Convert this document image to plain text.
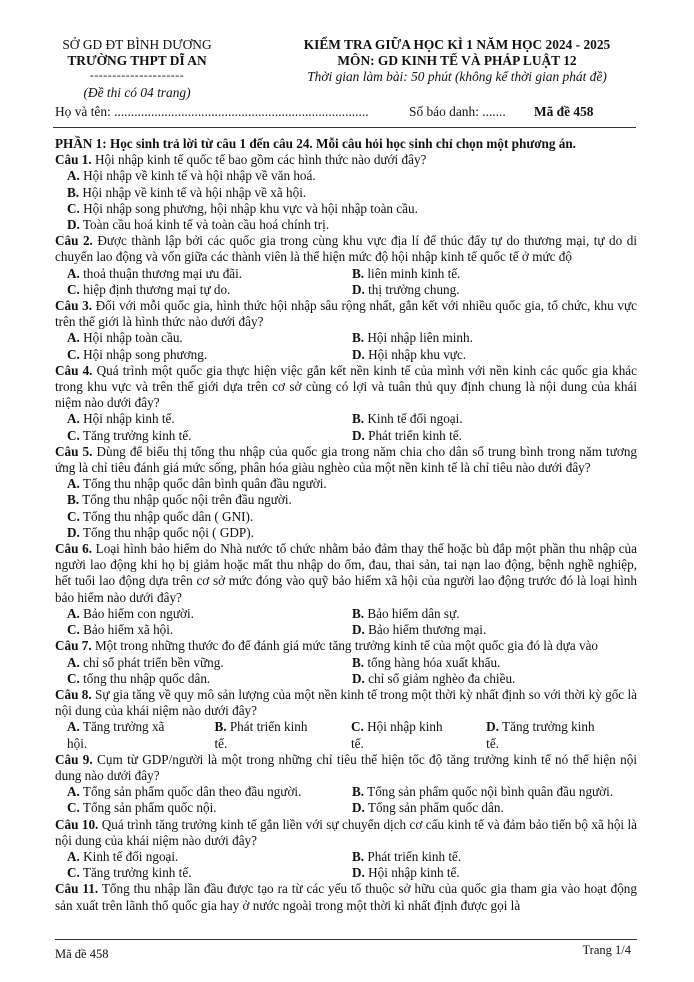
SỞ GD ĐT BÌNH DƯƠNG
TRƯỜNG THPT DĨ AN
---------------------
(Đề thi có 04 trang)
KIỂM TRA GIỮA HỌC KÌ 1 NĂM HỌC 2024 - 2025
MÔN: GD KINH TẾ VÀ PHÁP LUẬT 12
Thời gian làm bài: 50 phút (không kể thời gian phát đề)
Họ và tên: ............................................................................	Số báo danh: ....... Mã đề 458

PHẦN 1: Học sinh trả lời từ câu 1 đến câu 24. Mỗi câu hỏi học sinh chỉ chọn một phương án.

Câu 1. Hội nhập kinh tế quốc tế bao gồm các hình thức nào dưới đây?

A. Hội nhập về kinh tế và hội nhập về văn hoá.
B. Hội nhập về kinh tế và hội nhập về xã hội.
C. Hội nhập song phương, hội nhập khu vực và hội nhập toàn cầu.
D. Toàn cầu hoá kinh tế và toàn cầu hoá chính trị.

Câu 2. Được thành lập bởi các quốc gia trong cùng khu vực địa lí để thúc đẩy tự do thương mại, tự do di chuyển lao động và vốn giữa các thành viên là thể hiện mức độ hội nhập kinh tế quốc tế ở mức độ

A. thoả thuận thương mại ưu đãi.	B. liên minh kinh tế.
C. hiệp định thương mại tự do.	D. thị trường chung.

Câu 3. Đối với mỗi quốc gia, hình thức hội nhập sâu rộng nhất, gắn kết với nhiều quốc gia, tổ chức, khu vực trên thế giới là hình thức nào dưới đây?

A. Hội nhập toàn cầu.	B. Hội nhập liên minh.
C. Hội nhập song phương.	D. Hội nhập khu vực.

Câu 4. Quá trình một quốc gia thực hiện việc gắn kết nền kinh tế của mình với nền kinh các quốc gia khác trong khu vực và trên thế giới dựa trên cơ sở cùng có lợi và tuân thủ quy định chung là nội dung của khái niệm nào dưới đây?

A. Hội nhập kinh tế.	B. Kinh tế đối ngoại.
C. Tăng trưởng kinh tế.	D. Phát triển kinh tế.

Câu 5. Dùng để biểu thị tổng thu nhập của quốc gia trong năm chia cho dân số trung bình trong năm tương ứng là chỉ tiêu đánh giá mức sống, phân hóa giàu nghèo của một nền kinh tế là chỉ tiêu nào dưới đây?

A. Tổng thu nhập quốc dân bình quân đầu người.
B. Tổng thu nhập quốc nội trên đầu người.
C. Tổng thu nhập quốc dân ( GNI).
D. Tổng thu nhập quốc nội ( GDP).

Câu 6. Loại hình bảo hiểm do Nhà nước tổ chức nhằm bảo đảm thay thế hoặc bù đắp một phần thu nhập của người lao động khi họ bị giảm hoặc mất thu nhập do ốm, đau, thai sản, tai nạn lao động, bệnh nghề nghiệp, hết tuổi lao động dựa trên cơ sở mức đóng vào quỹ bảo hiểm xã hội của người lao động trước đó là loại hình bảo hiểm nào dưới đây?

A. Bảo hiểm con người.	B. Bảo hiểm dân sự.
C. Bảo hiểm xã hội.	D. Bảo hiểm thương mại.

Câu 7. Một trong những thước đo để đánh giá mức tăng trưởng kinh tế của một quốc gia đó là dựa vào

A. chỉ số phát triển bền vững.	B. tổng hàng hóa xuất khẩu.
C. tổng thu nhập quốc dân.	D. chỉ số giảm nghèo đa chiều.

Câu 8. Sự gia tăng về quy mô sản lượng của một nền kinh tế trong một thời kỳ nhất định so với thời kỳ gốc là nội dung của khái niệm nào dưới đây?

A. Tăng trưởng xã hội.
B. Phát triển kinh tế.
C. Hội nhập kinh tế.
D. Tăng trưởng kinh tế.

Câu 9. Cụm từ GDP/người là một trong những chỉ tiêu thể hiện tốc độ tăng trưởng kinh tế nó thể hiện nội dung nào dưới đây?

A. Tổng sản phẩm quốc dân theo đầu người.	B. Tổng sản phẩm quốc nội bình quân đầu người.
C. Tổng sản phẩm quốc nội.	D. Tổng sản phẩm quốc dân.

Câu 10. Quá trình tăng trưởng kinh tế gắn liền với sự chuyển dịch cơ cấu kinh tế và đảm bảo tiến bộ xã hội là nội dung của khái niệm nào dưới đây?

A. Kinh tế đối ngoại.	B. Phát triển kinh tế.
C. Tăng trưởng kinh tế.	D. Hội nhập kinh tế.

Câu 11. Tổng thu nhập lần đầu được tạo ra từ các yếu tố thuộc sở hữu của quốc gia tham gia vào hoạt động sản xuất trên lãnh thổ quốc gia hay ở nước ngoài trong một thời kì nhất định được gọi là

Mã đề 458	Trang 1/4
